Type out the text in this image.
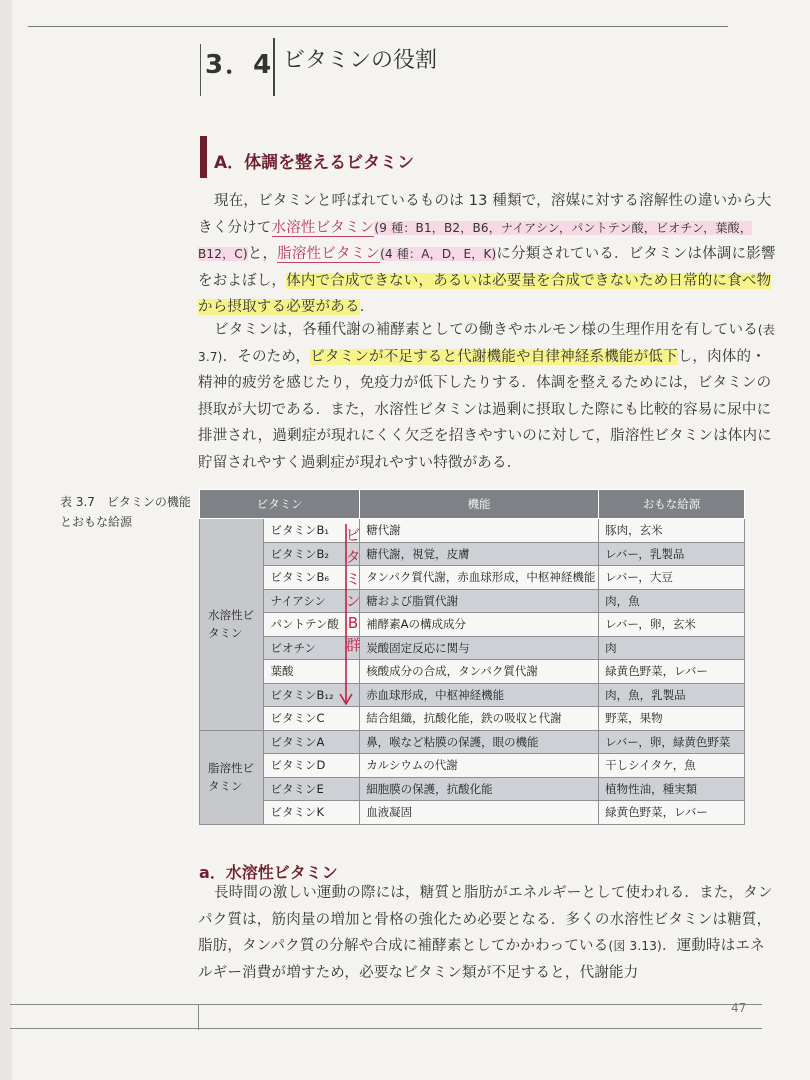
3．4 ビタミンの役割
A．体調を整えるビタミン
現在，ビタミンと呼ばれているものは 13 種類で，溶媒に対する溶解性の違いから大きく分けて水溶性ビタミン(9 種：B1，B2，B6，ナイアシン，パントテン酸，ビオチン，葉酸，B12，C)と，脂溶性ビタミン(4 種：A，D，E，K)に分類されている．ビタミンは体調に影響をおよぼし，体内で合成できない，あるいは必要量を合成できないため日常的に食べ物から摂取する必要がある．
ビタミンは，各種代謝の補酵素としての働きやホルモン様の生理作用を有している(表 3.7)．そのため，ビタミンが不足すると代謝機能や自律神経系機能が低下し，肉体的・精神的疲労を感じたり，免疫力が低下したりする．体調を整えるためには，ビタミンの摂取が大切である．また，水溶性ビタミンは過剰に摂取した際にも比較的容易に尿中に排泄され，過剰症が現れにくく欠乏を招きやすいのに対して，脂溶性ビタミンは体内に貯留されやすく過剰症が現れやすい特徴がある．
表 3.7　ビタミンの機能とおもな給源
ビタミン		機能	おもな給源
水溶性ビタミン	ビタミンB₁	糖代謝	豚肉，玄米
	ビタミンB₂	糖代謝，視覚，皮膚	レバー，乳製品
	ビタミンB₆	タンパク質代謝，赤血球形成，中枢神経機能	レバー，大豆
	ナイアシン	糖および脂質代謝	肉，魚
	パントテン酸	補酵素Aの構成成分	レバー，卵，玄米
	ビオチン	炭酸固定反応に関与	肉
	葉酸	核酸成分の合成，タンパク質代謝	緑黄色野菜，レバー
	ビタミンB₁₂	赤血球形成，中枢神経機能	肉，魚，乳製品
	ビタミンC	結合組織，抗酸化能，鉄の吸収と代謝	野菜，果物
脂溶性ビタミン	ビタミンA	鼻，喉など粘膜の保護，眼の機能	レバー，卵，緑黄色野菜
	ビタミンD	カルシウムの代謝	干しシイタケ，魚
	ビタミンE	細胞膜の保護，抗酸化能	植物性油，種実類
	ビタミンK	血液凝固	緑黄色野菜，レバー
ビ
タ
ミ
ン
B
群
a．水溶性ビタミン
長時間の激しい運動の際には，糖質と脂肪がエネルギーとして使われる．また，タンパク質は，筋肉量の増加と骨格の強化ため必要となる．多くの水溶性ビタミンは糖質，脂肪，タンパク質の分解や合成に補酵素としてかかわっている(図 3.13)．運動時はエネルギー消費が増すため，必要なビタミン類が不足すると，代謝能力
47
